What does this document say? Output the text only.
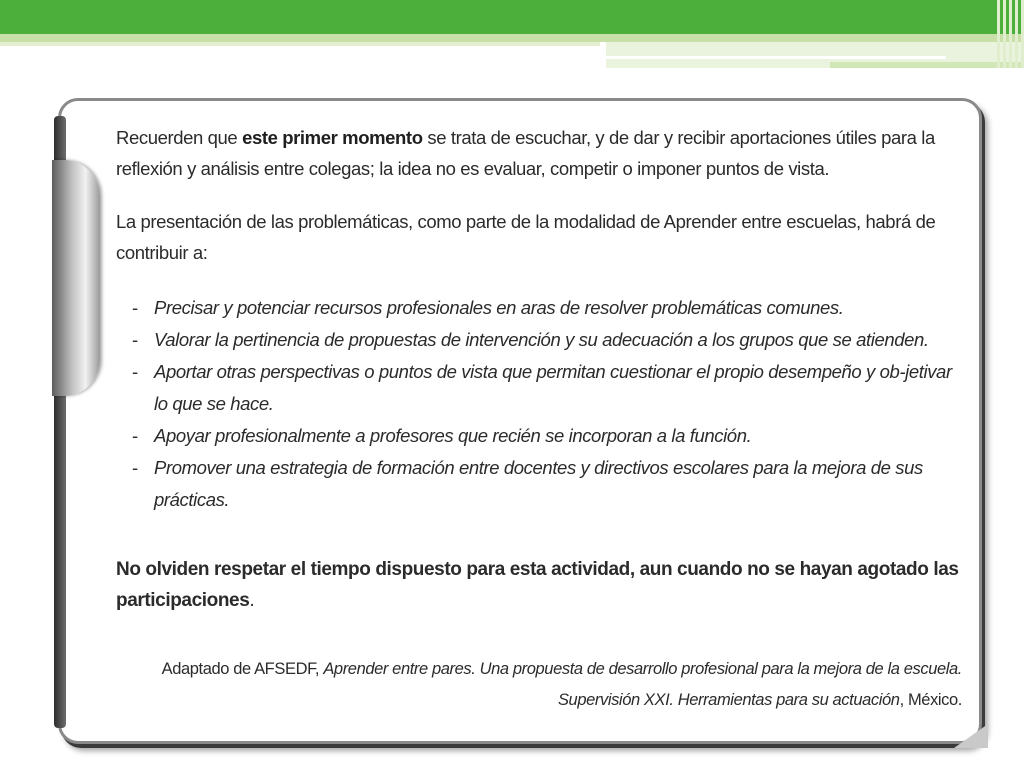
Recuerden que este primer momento se trata de escuchar, y de dar y recibir aportaciones útiles para la reflexión y análisis entre colegas; la idea no es evaluar, competir o imponer puntos de vista.

La presentación de las problemáticas, como parte de la modalidad de Aprender entre escuelas, habrá de contribuir a:

- Precisar y potenciar recursos profesionales en aras de resolver problemáticas comunes.
- Valorar la pertinencia de propuestas de intervención y su adecuación a los grupos que se atienden.
- Aportar otras perspectivas o puntos de vista que permitan cuestionar el propio desempeño y ob-jetivar lo que se hace.
- Apoyar profesionalmente a profesores que recién se incorporan a la función.
- Promover una estrategia de formación entre docentes y directivos escolares para la mejora de sus prácticas.

No olviden respetar el tiempo dispuesto para esta actividad, aun cuando no se hayan agotado las participaciones.

Adaptado de AFSEDF, Aprender entre pares. Una propuesta de desarrollo profesional para la mejora de la escuela. Supervisión XXI. Herramientas para su actuación, México.
